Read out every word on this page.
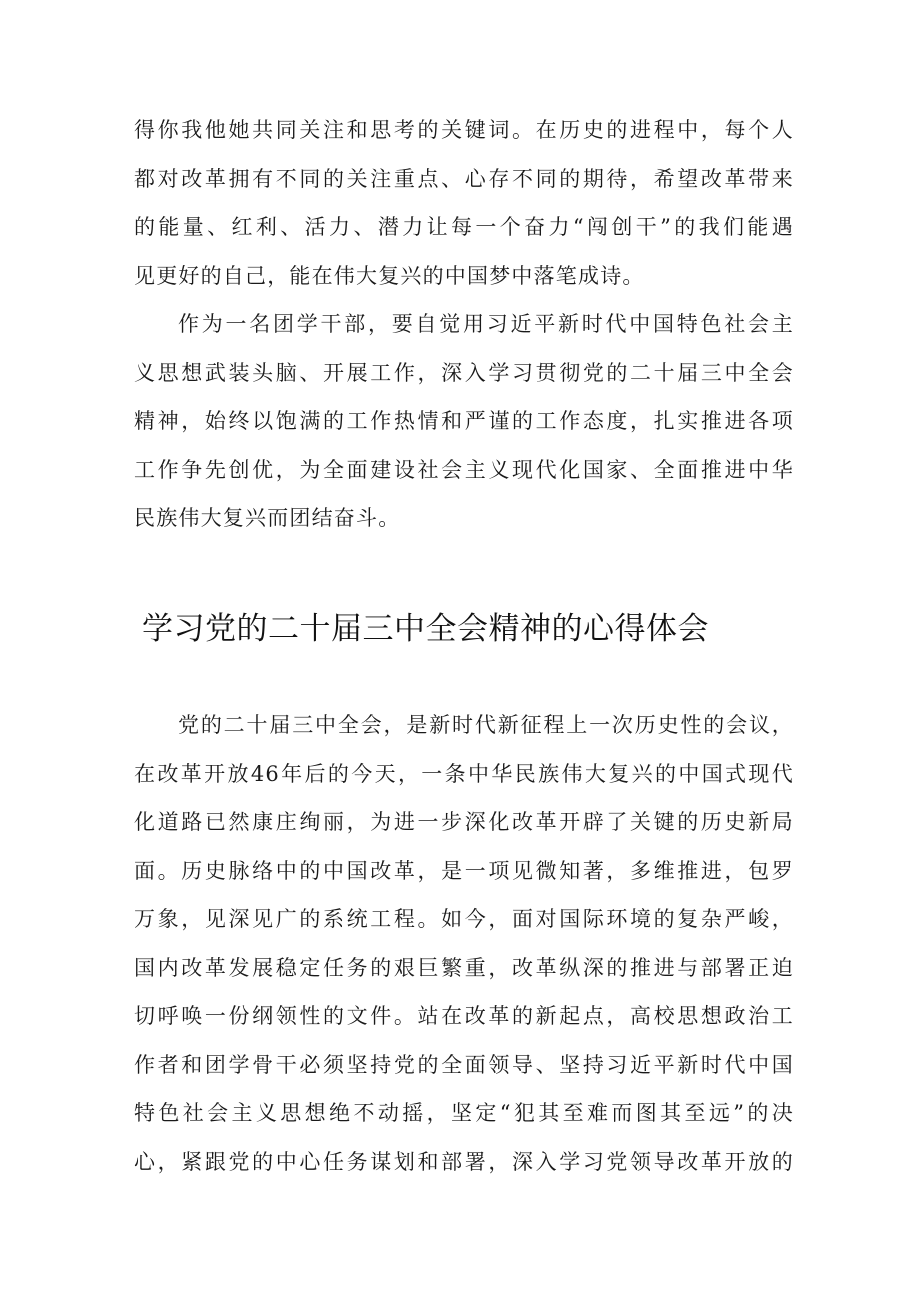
得你我他她共同关注和思考的关键词。在历史的进程中，每个人
都对改革拥有不同的关注重点、心存不同的期待，希望改革带来
的能量、红利、活力、潜力让每一个奋力“闯创干”的我们能遇
见更好的自己，能在伟大复兴的中国梦中落笔成诗。
作为一名团学干部，要自觉用习近平新时代中国特色社会主
义思想武装头脑、开展工作，深入学习贯彻党的二十届三中全会
精神，始终以饱满的工作热情和严谨的工作态度，扎实推进各项
工作争先创优，为全面建设社会主义现代化国家、全面推进中华
民族伟大复兴而团结奋斗。
学习党的二十届三中全会精神的心得体会
党的二十届三中全会，是新时代新征程上一次历史性的会议，
在改革开放46年后的今天，一条中华民族伟大复兴的中国式现代
化道路已然康庄绚丽，为进一步深化改革开辟了关键的历史新局
面。历史脉络中的中国改革，是一项见微知著，多维推进，包罗
万象，见深见广的系统工程。如今，面对国际环境的复杂严峻，
国内改革发展稳定任务的艰巨繁重，改革纵深的推进与部署正迫
切呼唤一份纲领性的文件。站在改革的新起点，高校思想政治工
作者和团学骨干必须坚持党的全面领导、坚持习近平新时代中国
特色社会主义思想绝不动摇，坚定“犯其至难而图其至远”的决
心，紧跟党的中心任务谋划和部署，深入学习党领导改革开放的
